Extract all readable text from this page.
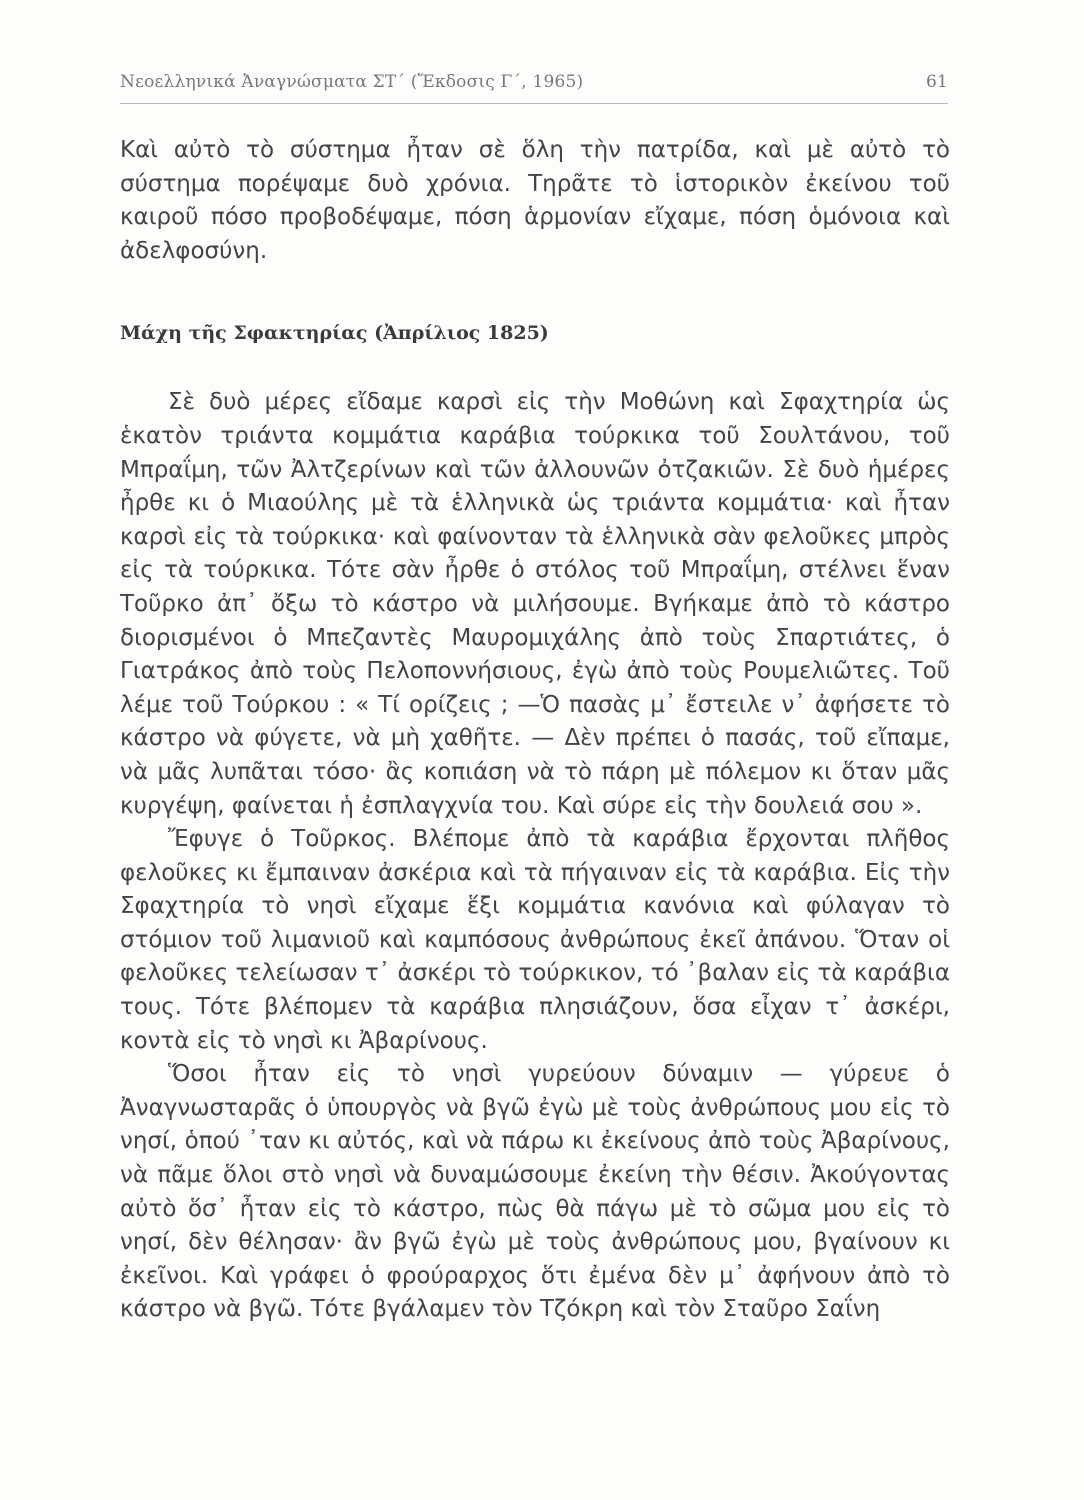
Νεοελληνικά Ἀναγνώσματα ΣΤ΄ (Ἔκδοσις Γ΄, 1965)	61

Καὶ αὐτὸ τὸ σύστημα ἦταν σὲ ὅλη τὴν πατρίδα, καὶ μὲ αὐτὸ τὸ σύστημα πορέψαμε δυὸ χρόνια. Τηρᾶτε τὸ ἱστορικὸν ἐκείνου τοῦ καιροῦ πόσο προβοδέψαμε, πόση ἁρμονίαν εἴχαμε, πόση ὁμόνοια καὶ ἀδελφοσύνη.

Μάχη τῆς Σφακτηρίας (Ἀπρίλιος 1825)

Σὲ δυὸ μέρες εἴδαμε καρσὶ εἰς τὴν Μοθώνη καὶ Σφαχτηρία ὡς ἑκατὸν τριάντα κομμάτια καράβια τούρκικα τοῦ Σουλτάνου, τοῦ Μπραΐμη, τῶν Ἀλτζερίνων καὶ τῶν ἀλλουνῶν ὀτζακιῶν. Σὲ δυὸ ἡμέρες ἦρθε κι ὁ Μιαούλης μὲ τὰ ἑλληνικὰ ὡς τριάντα κομμάτια· καὶ ἦταν καρσὶ εἰς τὰ τούρκικα· καὶ φαίνονταν τὰ ἑλληνικὰ σὰν φελοῦκες μπρὸς εἰς τὰ τούρκικα. Τότε σὰν ἦρθε ὁ στόλος τοῦ Μπραΐμη, στέλνει ἕναν Τοῦρκο ἀπ᾽ ὄξω τὸ κάστρο νὰ μιλήσουμε. Βγήκαμε ἀπὸ τὸ κάστρο διορισμένοι ὁ Μπεζαντὲς Μαυρομιχάλης ἀπὸ τοὺς Σπαρτιάτες, ὁ Γιατράκος ἀπὸ τοὺς Πελοποννήσιους, ἐγὼ ἀπὸ τοὺς Ρουμελιῶτες. Τοῦ λέμε τοῦ Τούρκου : « Τί ορίζεις ; —Ὁ πασὰς μ᾽ ἔστειλε ν᾽ ἀφήσετε τὸ κάστρο νὰ φύγετε, νὰ μὴ χαθῆτε. — Δὲν πρέπει ὁ πασάς, τοῦ εἴπαμε, νὰ μᾶς λυπᾶται τόσο· ἂς κοπιάση νὰ τὸ πάρη μὲ πόλεμον κι ὅταν μᾶς κυργέψη, φαίνεται ἡ ἐσπλαγχνία του. Καὶ σύρε εἰς τὴν δουλειά σου ».

Ἔφυγε ὁ Τοῦρκος. Βλέπομε ἀπὸ τὰ καράβια ἔρχονται πλῆθος φελοῦκες κι ἔμπαιναν ἀσκέρια καὶ τὰ πήγαιναν εἰς τὰ καράβια. Εἰς τὴν Σφαχτηρία τὸ νησὶ εἴχαμε ἕξι κομμάτια κανόνια καὶ φύλαγαν τὸ στόμιον τοῦ λιμανιοῦ καὶ καμπόσους ἀνθρώπους ἐκεῖ ἀπάνου. Ὅταν οἱ φελοῦκες τελείωσαν τ᾽ ἀσκέρι τὸ τούρκικον, τό ᾽βαλαν εἰς τὰ καράβια τους. Τότε βλέπομεν τὰ καράβια πλησιάζουν, ὅσα εἶχαν τ᾽ ἀσκέρι, κοντὰ εἰς τὸ νησὶ κι Ἀβαρίνους.

Ὅσοι ἦταν εἰς τὸ νησὶ γυρεύουν δύναμιν — γύρευε ὁ Ἀναγνωσταρᾶς ὁ ὑπουργὸς νὰ βγῶ ἐγὼ μὲ τοὺς ἀνθρώπους μου εἰς τὸ νησί, ὁπού ᾽ταν κι αὐτός, καὶ νὰ πάρω κι ἐκείνους ἀπὸ τοὺς Ἀβαρίνους, νὰ πᾶμε ὅλοι στὸ νησὶ νὰ δυναμώσουμε ἐκείνη τὴν θέσιν. Ἀκούγοντας αὐτὸ ὅσ᾽ ἦταν εἰς τὸ κάστρο, πὼς θὰ πάγω μὲ τὸ σῶμα μου εἰς τὸ νησί, δὲν θέλησαν· ἂν βγῶ ἐγὼ μὲ τοὺς ἀνθρώπους μου, βγαίνουν κι ἐκεῖνοι. Καὶ γράφει ὁ φρούραρχος ὅτι ἐμένα δὲν μ᾽ ἀφήνουν ἀπὸ τὸ κάστρο νὰ βγῶ. Τότε βγάλαμεν τὸν Τζόκρη καὶ τὸν Σταῦρο Σαΐνη
